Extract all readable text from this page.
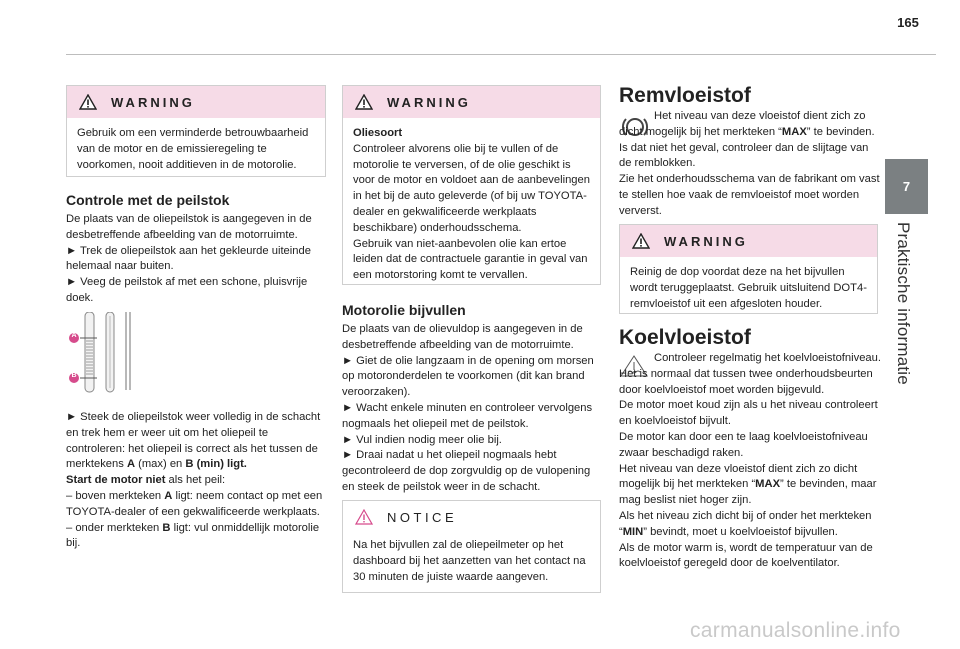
165
7
Praktische informatie
WARNING
Gebruik om een verminderde betrouwbaarheid van de motor en de emissieregeling te voorkomen, nooit additieven in de motorolie.
Controle met de peilstok

De plaats van de oliepeilstok is aangegeven in de desbetreffende afbeelding van de motorruimte.

► Trek de oliepeilstok aan het gekleurde uiteinde helemaal naar buiten.

► Veeg de peilstok af met een schone, pluisvrije doek.

A
B

► Steek de oliepeilstok weer volledig in de schacht en trek hem er weer uit om het oliepeil te controleren: het oliepeil is correct als het tussen de merktekens A (max) en B (min) ligt.

Start de motor niet als het peil:

– boven merkteken A ligt: neem contact op met een TOYOTA-dealer of een gekwalificeerde werkplaats.

– onder merkteken B ligt: vul onmiddellijk motorolie bij.

WARNING
Oliesoort
Controleer alvorens olie bij te vullen of de motorolie te verversen, of de olie geschikt is voor de motor en voldoet aan de aanbevelingen in het bij de auto geleverde (of bij uw TOYOTA-dealer en gekwalificeerde werkplaats beschikbare) onderhoudsschema.
Gebruik van niet-aanbevolen olie kan ertoe leiden dat de contractuele garantie in geval van een motorstoring komt te vervallen.
Motorolie bijvullen

De plaats van de olievuldop is aangegeven in de desbetreffende afbeelding van de motorruimte.

► Giet de olie langzaam in de opening om morsen op motoronderdelen te voorkomen (dit kan brand veroorzaken).

► Wacht enkele minuten en controleer vervolgens nogmaals het oliepeil met de peilstok.

► Vul indien nodig meer olie bij.

► Draai nadat u het oliepeil nogmaals hebt gecontroleerd de dop zorgvuldig op de vulopening en steek de peilstok weer in de schacht.

NOTICE
Na het bijvullen zal de oliepeilmeter op het dashboard bij het aanzetten van het contact na 30 minuten de juiste waarde aangeven.
Remvloeistof

Het niveau van deze vloeistof dient zich zo dicht mogelijk bij het merkteken “MAX” te bevinden. Is dat niet het geval, controleer dan de slijtage van de remblokken.

Zie het onderhoudsschema van de fabrikant om vast te stellen hoe vaak de remvloeistof moet worden ververst.

WARNING
Reinig de dop voordat deze na het bijvullen wordt teruggeplaatst. Gebruik uitsluitend DOT4-remvloeistof uit een afgesloten houder.
Koelvloeistof

Controleer regelmatig het koelvloeistofniveau.

Het is normaal dat tussen twee onderhoudsbeurten door koelvloeistof moet worden bijgevuld.

De motor moet koud zijn als u het niveau controleert en koelvloeistof bijvult.

De motor kan door een te laag koelvloeistofniveau zwaar beschadigd raken.

Het niveau van deze vloeistof dient zich zo dicht mogelijk bij het merkteken “MAX” te bevinden, maar mag beslist niet hoger zijn.

Als het niveau zich dicht bij of onder het merkteken “MIN” bevindt, moet u koelvloeistof bijvullen.

Als de motor warm is, wordt de temperatuur van de koelvloeistof geregeld door de koelventilator.

carmanualsonline.info
